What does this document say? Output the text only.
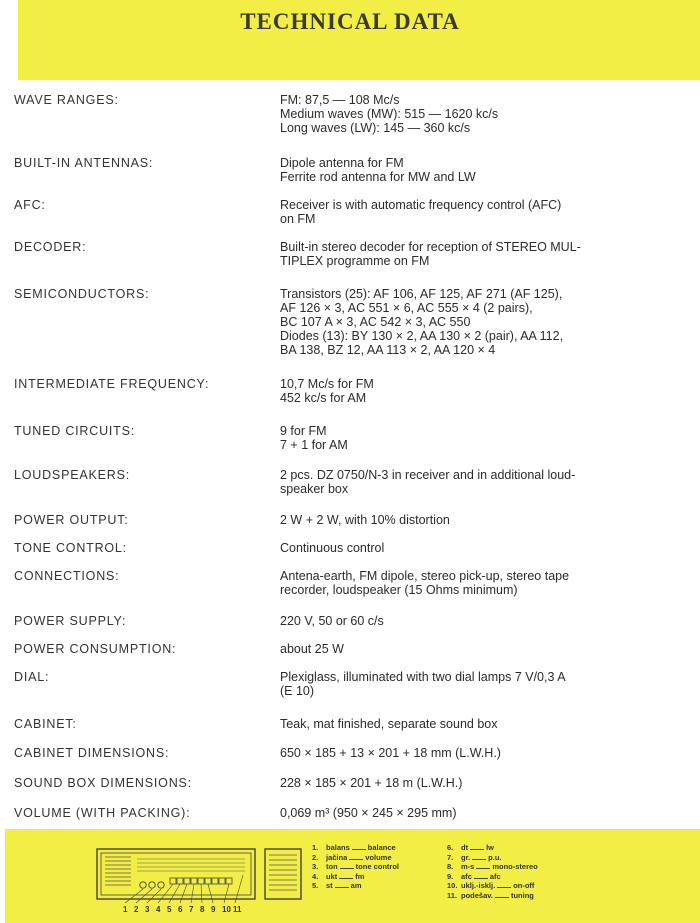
TECHNICAL DATA
WAVE RANGES:	FM: 87,5 — 108 Mc/s
Medium waves (MW): 515 — 1620 kc/s
Long waves (LW): 145 — 360 kc/s
BUILT-IN ANTENNAS:	Dipole antenna for FM
Ferrite rod antenna for MW and LW
AFC:	Receiver is with automatic frequency control (AFC)
on FM
DECODER:	Built-in stereo decoder for reception of STEREO MUL-
TIPLEX programme on FM
SEMICONDUCTORS:	Transistors (25): AF 106, AF 125, AF 271 (AF 125),
AF 126 × 3, AC 551 × 6, AC 555 × 4 (2 pairs),
BC 107 A × 3, AC 542 × 3, AC 550
Diodes (13): BY 130 × 2, AA 130 × 2 (pair), AA 112,
BA 138, BZ 12, AA 113 × 2, AA 120 × 4
INTERMEDIATE FREQUENCY:	10,7 Mc/s for FM
452 kc/s for AM
TUNED CIRCUITS:	9 for FM
7 + 1 for AM
LOUDSPEAKERS:	2 pcs. DZ 0750/N-3 in receiver and in additional loud-
speaker box
POWER OUTPUT:	2 W + 2 W, with 10% distortion
TONE CONTROL:	Continuous control
CONNECTIONS:	Antena-earth, FM dipole, stereo pick-up, stereo tape
recorder, loudspeaker (15 Ohms minimum)
POWER SUPPLY:	220 V, 50 or 60 c/s
POWER CONSUMPTION:	about 25 W
DIAL:	Plexiglass, illuminated with two dial lamps 7 V/0,3 A
(E 10)
CABINET:	Teak, mat finished, separate sound box
CABINET DIMENSIONS:	650 × 185 + 13 × 201 + 18 mm (L.W.H.)
SOUND BOX DIMENSIONS:	228 × 185 × 201 + 18 m (L.W.H.)
VOLUME (WITH PACKING):	0,069 m³ (950 × 245 × 295 mm)
1 2 3 4 5 6 7 8 9 10 11
1. balans balance
2. jačina volume
3. ton tone control
4. ukt fm
5. st am
6. dt lw
7. gr. p.u.
8. m-s mono-stereo
9. afc afc
10. uklj.-isklj. on-off
11. podešav. tuning
